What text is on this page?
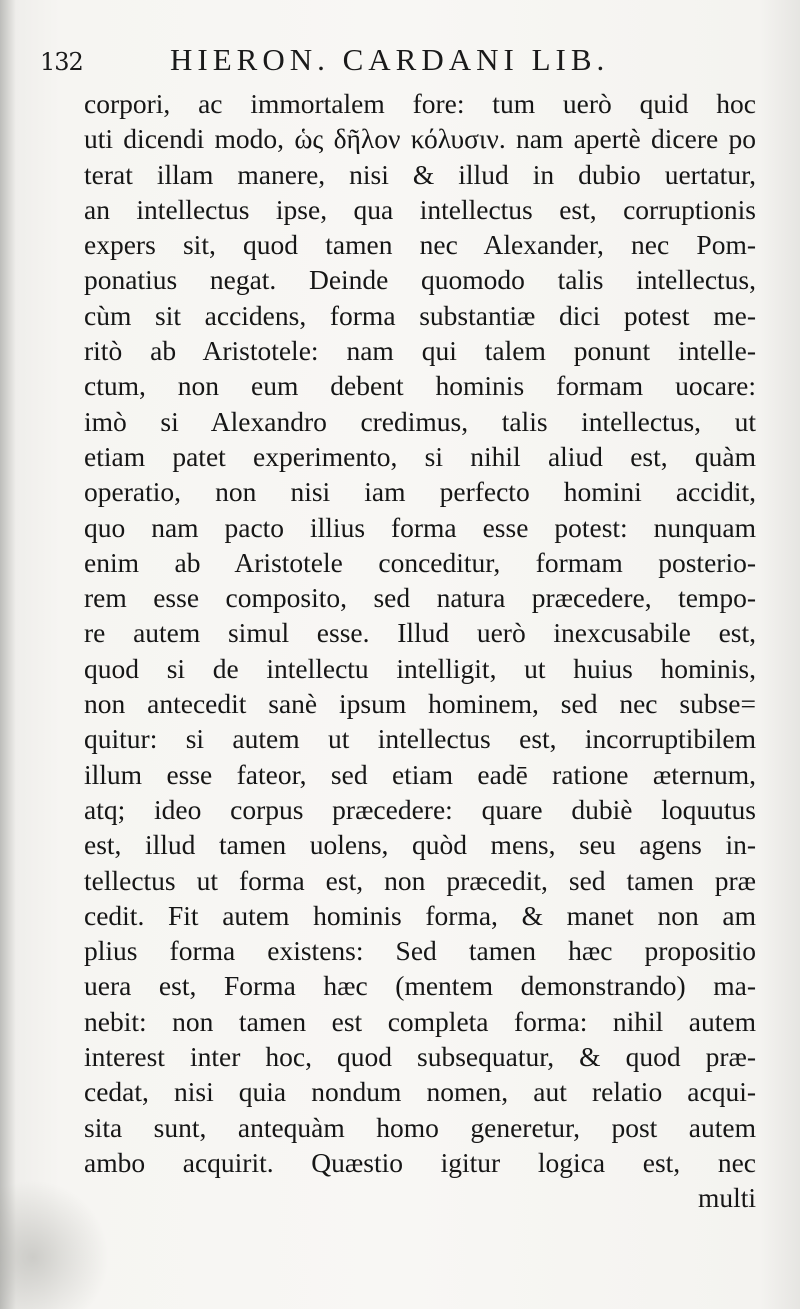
132	HIERON. CARDANI LIB.
corpori, ac immortalem fore: tum uerò quid hoc
uti dicendi modo, ὡς δῆλον κόλυσιν. nam apertè dicere po
terat illam manere, nisi & illud in dubio uertatur,
an intellectus ipse, qua intellectus est, corruptionis
expers sit, quod tamen nec Alexander, nec Pom-
ponatius negat. Deinde quomodo talis intellectus,
cùm sit accidens, forma substantiæ dici potest me-
ritò ab Aristotele: nam qui talem ponunt intelle-
ctum, non eum debent hominis formam uocare:
imò si Alexandro credimus, talis intellectus, ut
etiam patet experimento, si nihil aliud est, quàm
operatio, non nisi iam perfecto homini accidit,
quo nam pacto illius forma esse potest: nunquam
enim ab Aristotele conceditur, formam posterio-
rem esse composito, sed natura præcedere, tempo-
re autem simul esse. Illud uerò inexcusabile est,
quod si de intellectu intelligit, ut huius hominis,
non antecedit sanè ipsum hominem, sed nec subse=
quitur: si autem ut intellectus est, incorruptibilem
illum esse fateor, sed etiam eadē ratione æternum,
atq; ideo corpus præcedere: quare dubiè loquutus
est, illud tamen uolens, quòd mens, seu agens in-
tellectus ut forma est, non præcedit, sed tamen præ
cedit. Fit autem hominis forma, & manet non am
plius forma existens: Sed tamen hæc propositio
uera est, Forma hæc (mentem demonstrando) ma-
nebit: non tamen est completa forma: nihil autem
interest inter hoc, quod subsequatur, & quod præ-
cedat, nisi quia nondum nomen, aut relatio acqui-
sita sunt, antequàm homo generetur, post autem
ambo acquirit. Quæstio igitur logica est, nec
multi
